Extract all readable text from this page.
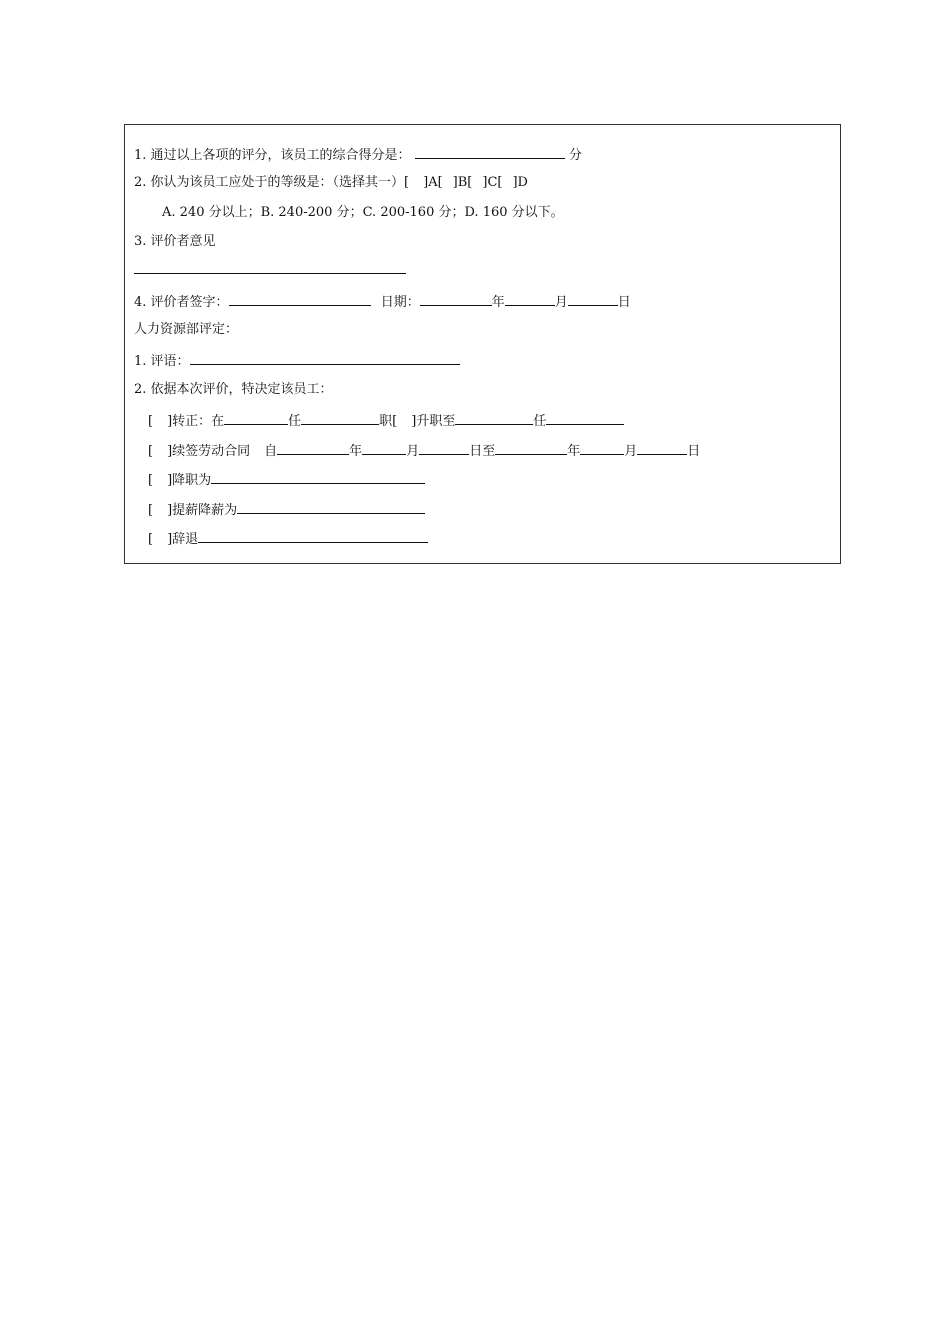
1. 通过以上各项的评分，该员工的综合得分是：	分
2. 你认为该员工应处于的等级是：（选择其一）[ ]A[ ]B[ ]C[ ]D
A. 240 分以上；B. 240-200 分；C. 200-160 分；D. 160 分以下。
3. 评价者意见
4. 评价者签字：	日期：	年	月	日
人力资源部评定：
1. 评语：
2. 依据本次评价，特决定该员工：
[ ]转正：在	任	职[ ]升职至	任
[ ]续签劳动合同 自	年	月	日至	年	月	日
[ ]降职为
[ ]提薪降薪为
[ ]辞退
